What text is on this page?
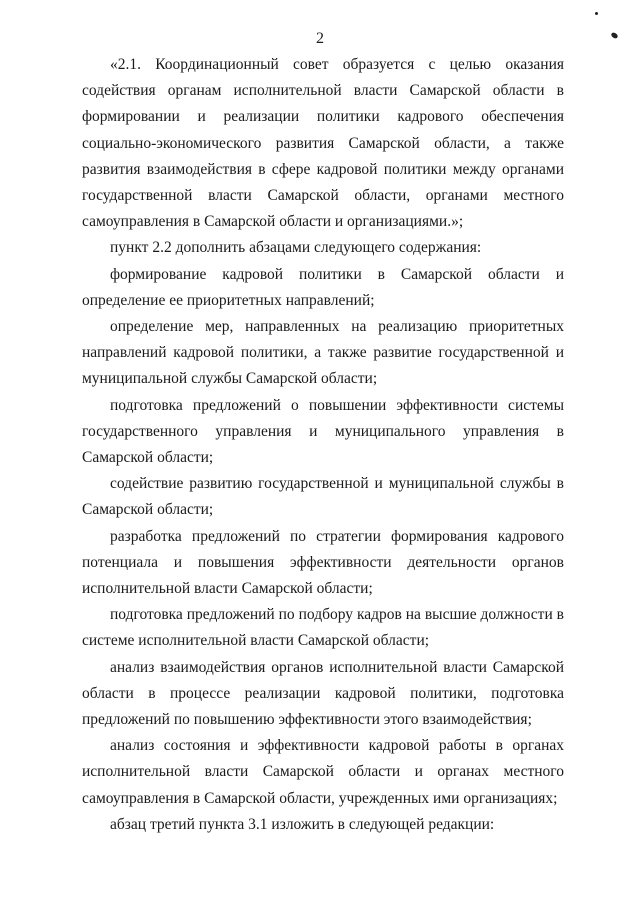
2

«2.1. Координационный совет образуется с целью оказания содействия органам исполнительной власти Самарской области в формировании и реализации политики кадрового обеспечения социально-экономического развития Самарской области, а также развития взаимодействия в сфере кадровой политики между органами государственной власти Самарской области, органами местного самоуправления в Самарской области и организациями.»;

пункт 2.2 дополнить абзацами следующего содержания:

формирование кадровой политики в Самарской области и определение ее приоритетных направлений;

определение мер, направленных на реализацию приоритетных направлений кадровой политики, а также развитие государственной и муниципальной службы Самарской области;

подготовка предложений о повышении эффективности системы государственного управления и муниципального управления в Самарской области;

содействие развитию государственной и муниципальной службы в Самарской области;

разработка предложений по стратегии формирования кадрового потенциала и повышения эффективности деятельности органов исполнительной власти Самарской области;

подготовка предложений по подбору кадров на высшие должности в системе исполнительной власти Самарской области;

анализ взаимодействия органов исполнительной власти Самарской области в процессе реализации кадровой политики, подготовка предложений по повышению эффективности этого взаимодействия;

анализ состояния и эффективности кадровой работы в органах исполнительной власти Самарской области и органах местного самоуправления в Самарской области, учрежденных ими организациях;

абзац третий пункта 3.1 изложить в следующей редакции:
